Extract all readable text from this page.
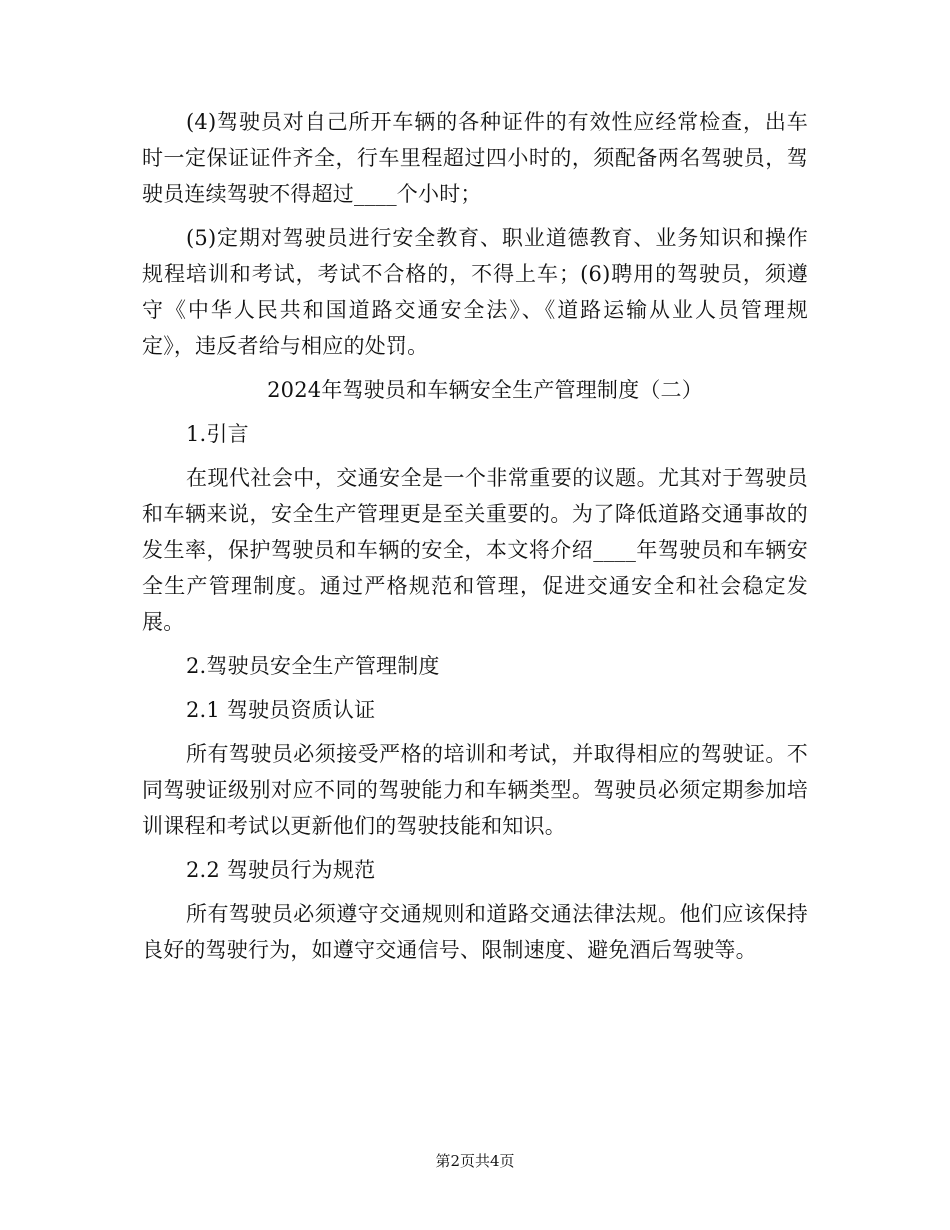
(4)驾驶员对自己所开车辆的各种证件的有效性应经常检查，出车时一定保证证件齐全，行车里程超过四小时的，须配备两名驾驶员，驾驶员连续驾驶不得超过____个小时；

(5)定期对驾驶员进行安全教育、职业道德教育、业务知识和操作规程培训和考试，考试不合格的，不得上车；(6)聘用的驾驶员，须遵守《中华人民共和国道路交通安全法》、《道路运输从业人员管理规定》，违反者给与相应的处罚。

2024年驾驶员和车辆安全生产管理制度（二）

1.引言

在现代社会中，交通安全是一个非常重要的议题。尤其对于驾驶员和车辆来说，安全生产管理更是至关重要的。为了降低道路交通事故的发生率，保护驾驶员和车辆的安全，本文将介绍____年驾驶员和车辆安全生产管理制度。通过严格规范和管理，促进交通安全和社会稳定发展。

2.驾驶员安全生产管理制度

2.1 驾驶员资质认证

所有驾驶员必须接受严格的培训和考试，并取得相应的驾驶证。不同驾驶证级别对应不同的驾驶能力和车辆类型。驾驶员必须定期参加培训课程和考试以更新他们的驾驶技能和知识。

2.2 驾驶员行为规范

所有驾驶员必须遵守交通规则和道路交通法律法规。他们应该保持良好的驾驶行为，如遵守交通信号、限制速度、避免酒后驾驶等。

第2页共4页
